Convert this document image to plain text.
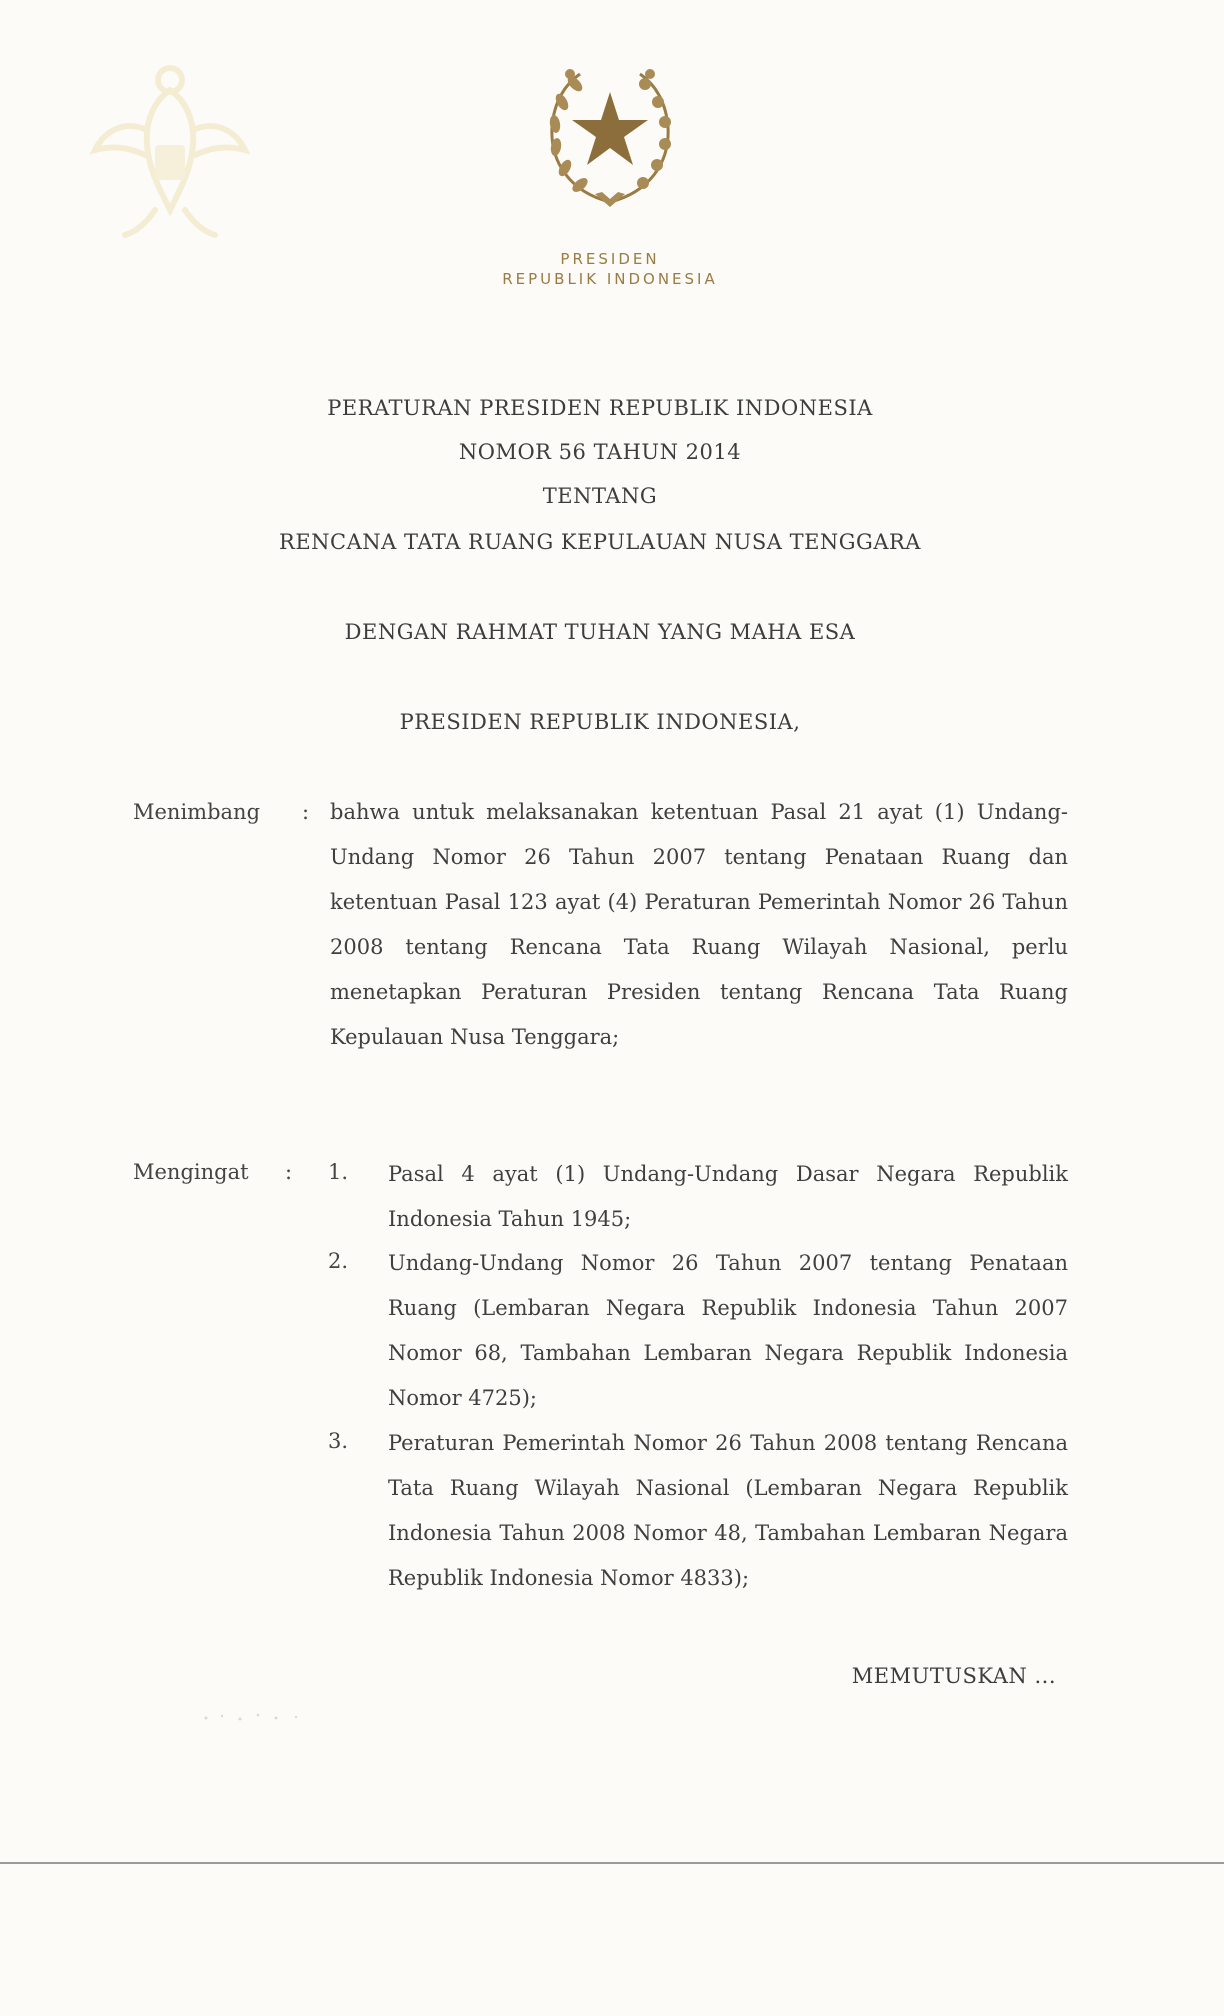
PRESIDEN
REPUBLIK INDONESIA
PERATURAN PRESIDEN REPUBLIK INDONESIA
NOMOR 56 TAHUN 2014
TENTANG
RENCANA TATA RUANG KEPULAUAN NUSA TENGGARA
DENGAN RAHMAT TUHAN YANG MAHA ESA
PRESIDEN REPUBLIK INDONESIA,
Menimbang : bahwa untuk melaksanakan ketentuan Pasal 21 ayat (1) Undang-Undang Nomor 26 Tahun 2007 tentang Penataan Ruang dan ketentuan Pasal 123 ayat (4) Peraturan Pemerintah Nomor 26 Tahun 2008 tentang Rencana Tata Ruang Wilayah Nasional, perlu menetapkan Peraturan Presiden tentang Rencana Tata Ruang Kepulauan Nusa Tenggara;

Mengingat : 1. Pasal 4 ayat (1) Undang-Undang Dasar Negara Republik Indonesia Tahun 1945;

2. Undang-Undang Nomor 26 Tahun 2007 tentang Penataan Ruang (Lembaran Negara Republik Indonesia Tahun 2007 Nomor 68, Tambahan Lembaran Negara Republik Indonesia Nomor 4725);

3. Peraturan Pemerintah Nomor 26 Tahun 2008 tentang Rencana Tata Ruang Wilayah Nasional (Lembaran Negara Republik Indonesia Tahun 2008 Nomor 48, Tambahan Lembaran Negara Republik Indonesia Nomor 4833);

MEMUTUSKAN ...
